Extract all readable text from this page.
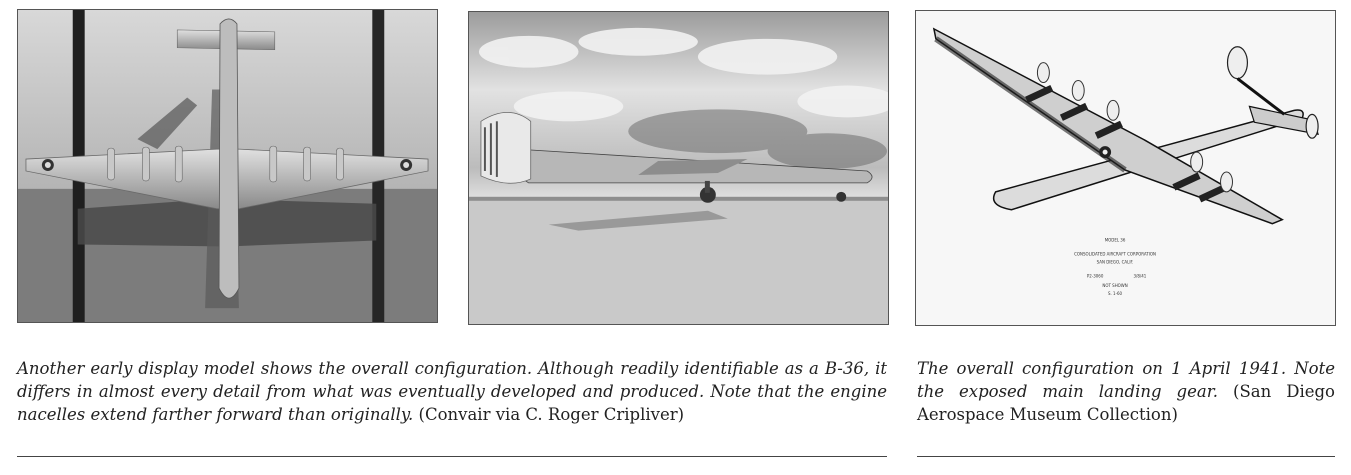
MODEL 36
CONSOLIDATED AIRCRAFT CORPORATION
SAN DIEGO, CALIF.
P2-3060	3/8/41
NOT SHOWN
S. 1-60

Another early display model shows the overall configuration. Although readily identifiable as a B-36, it differs in almost every detail from what was eventually developed and produced. Note that the engine nacelles extend farther forward than originally. (Convair via C. Roger Cripliver)

The overall configuration on 1 April 1941. Note the exposed main landing gear. (San Diego Aerospace Museum Collection)
